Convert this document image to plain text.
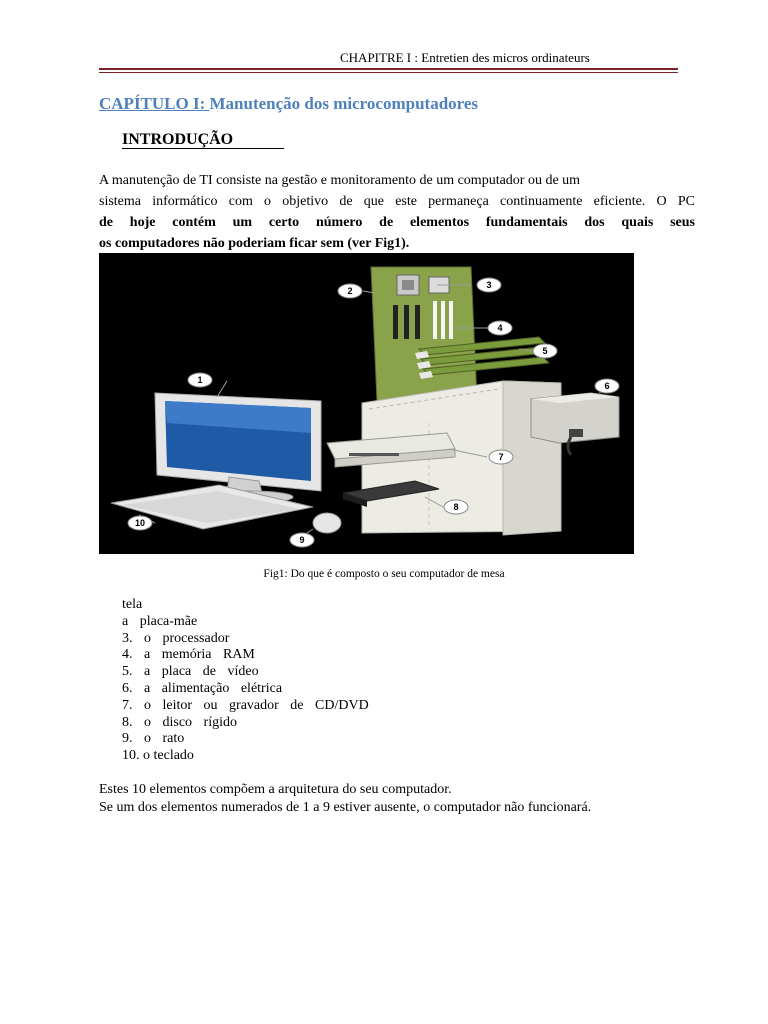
CHAPITRE I : Entretien des micros ordinateurs
CAPÍTULO I: Manutenção dos microcomputadores
INTRODUÇÃO
A manutenção de TI consiste na gestão e monitoramento de um computador ou de um
sistema informático com o objetivo de que este permaneça continuamente eficiente. O PC
de hoje contém um certo número de elementos fundamentais dos quais seus
os computadores não poderiam ficar sem (ver Fig1).
1
2
3
4
5
6
7
8
9
10
Fig1: Do que é composto o seu computador de mesa
tela
a placa-mãe
3. o processador
4. a memória RAM
5. a placa de vídeo
6. a alimentação elétrica
7. o leitor ou gravador de CD/DVD
8. o disco rígido
9. o rato
10. o teclado
Estes 10 elementos compõem a arquitetura do seu computador.
Se um dos elementos numerados de 1 a 9 estiver ausente, o computador não funcionará.
